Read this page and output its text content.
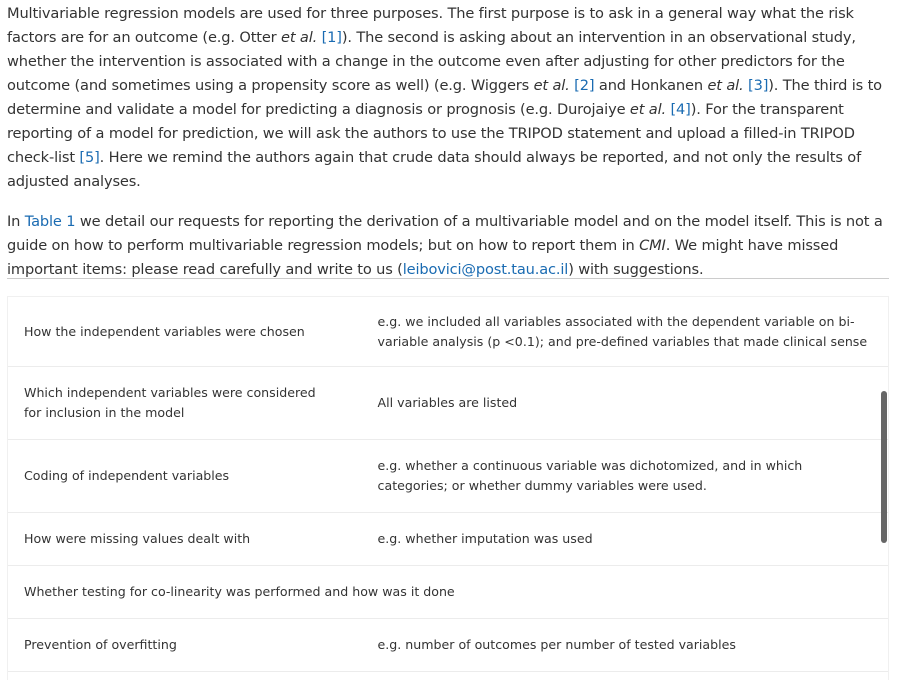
Multivariable regression models are used for three purposes. The first purpose is to ask in a general way what the risk factors are for an outcome (e.g. Otter et al. [1]). The second is asking about an intervention in an observational study, whether the intervention is associated with a change in the outcome even after adjusting for other predictors for the outcome (and sometimes using a propensity score as well) (e.g. Wiggers et al. [2] and Honkanen et al. [3]). The third is to determine and validate a model for predicting a diagnosis or prognosis (e.g. Durojaiye et al. [4]). For the transparent reporting of a model for prediction, we will ask the authors to use the TRIPOD statement and upload a filled-in TRIPOD check-list [5]. Here we remind the authors again that crude data should always be reported, and not only the results of adjusted analyses.

In Table 1 we detail our requests for reporting the derivation of a multivariable model and on the model itself. This is not a guide on how to perform multivariable regression models; but on how to report them in CMI. We might have missed important items: please read carefully and write to us (leibovici@post.tau.ac.il) with suggestions.

How the independent variables were chosen	e.g. we included all variables associated with the dependent variable on bi-variable analysis (p <0.1); and pre-defined variables that made clinical sense
Which independent variables were considered for inclusion in the model	All variables are listed
Coding of independent variables	e.g. whether a continuous variable was dichotomized, and in which categories; or whether dummy variables were used.
How were missing values dealt with	e.g. whether imputation was used
Whether testing for co-linearity was performed and how was it done	
Prevention of overfitting	e.g. number of outcomes per number of tested variables
